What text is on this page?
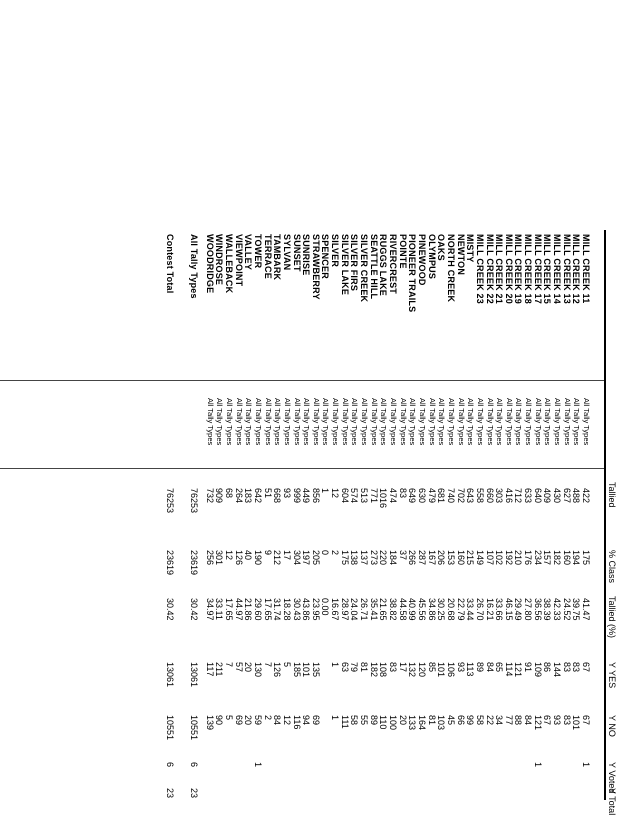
MILL CREEK 11
All Tally Types
422
175
41.47
67
67
1
MILL CREEK 12
All Tally Types
488
194
39.75
83
101
MILL CREEK 13
All Tally Types
627
160
24.52
83
83
MILL CREEK 14
All Tally Types
430
182
42.33
144
93
MILL CREEK 15
All Tally Types
409
157
38.39
86
67
MILL CREEK 17
All Tally Types
640
234
36.56
109
121
1
MILL CREEK 18
All Tally Types
633
176
27.80
91
84
MILL CREEK 19
All Tally Types
712
210
29.49
121
88
MILL CREEK 20
All Tally Types
416
192
46.15
114
77
MILL CREEK 21
All Tally Types
303
102
33.66
65
34
MILL CREEK 22
All Tally Types
660
107
16.21
84
22
MILL CREEK 23
All Tally Types
558
149
26.70
89
58
MISTY
All Tally Types
643
215
33.44
113
99
NEWTON
All Tally Types
702
160
22.79
93
66
NORTH CREEK
All Tally Types
740
153
20.68
106
45
OAKS
All Tally Types
681
206
30.25
101
103
OLYMPUS
All Tally Types
479
167
34.86
85
81
PINEWOOD
All Tally Types
630
287
45.56
120
164
PIONEER TRAILS
All Tally Types
649
266
40.99
132
133
POINTE
All Tally Types
83
37
44.58
17
20
RIVERCREST
All Tally Types
474
184
38.82
83
100
RUGGS LAKE
All Tally Types
1016
220
21.65
108
110
SEATTLE HILL
All Tally Types
771
273
35.41
182
89
SILVER CREEK
All Tally Types
513
137
26.71
81
55
SILVER FIRS
All Tally Types
574
138
24.04
79
58
SILVER LAKE
All Tally Types
604
175
28.97
63
111
SILVER
All Tally Types
12
2
16.67
1
1
SPENCER
All Tally Types
1
0
0.00
STRAWBERRY
All Tally Types
856
205
23.95
135
69
SUNRISE
All Tally Types
449
197
43.86
101
94
SUNSET
All Tally Types
999
304
30.43
185
116
SYLVAN
All Tally Types
93
17
18.28
5
12
TAMBARK
All Tally Types
668
212
31.74
126
84
TERRACE
All Tally Types
51
9
17.65
7
2
TOWER
All Tally Types
642
190
29.60
130
59
1
VALLEY
All Tally Types
183
40
21.86
20
20
VIEWPOINT
All Tally Types
264
126
44.97
57
69
WALLEBACK
All Tally Types
68
12
17.65
7
5
WINDROSE
All Tally Types
909
301
33.11
211
90
WOODRIDGE
All Tally Types
732
256
34.97
117
139
All Tally Types
76253
23619
30.42
13061
10551
6
23
Contest Total
76253
23619
30.42
13061
10551
6
23
Tallied
% Class
Tallied (%)
Y YES
Y NO
Y Voted
Y Total
